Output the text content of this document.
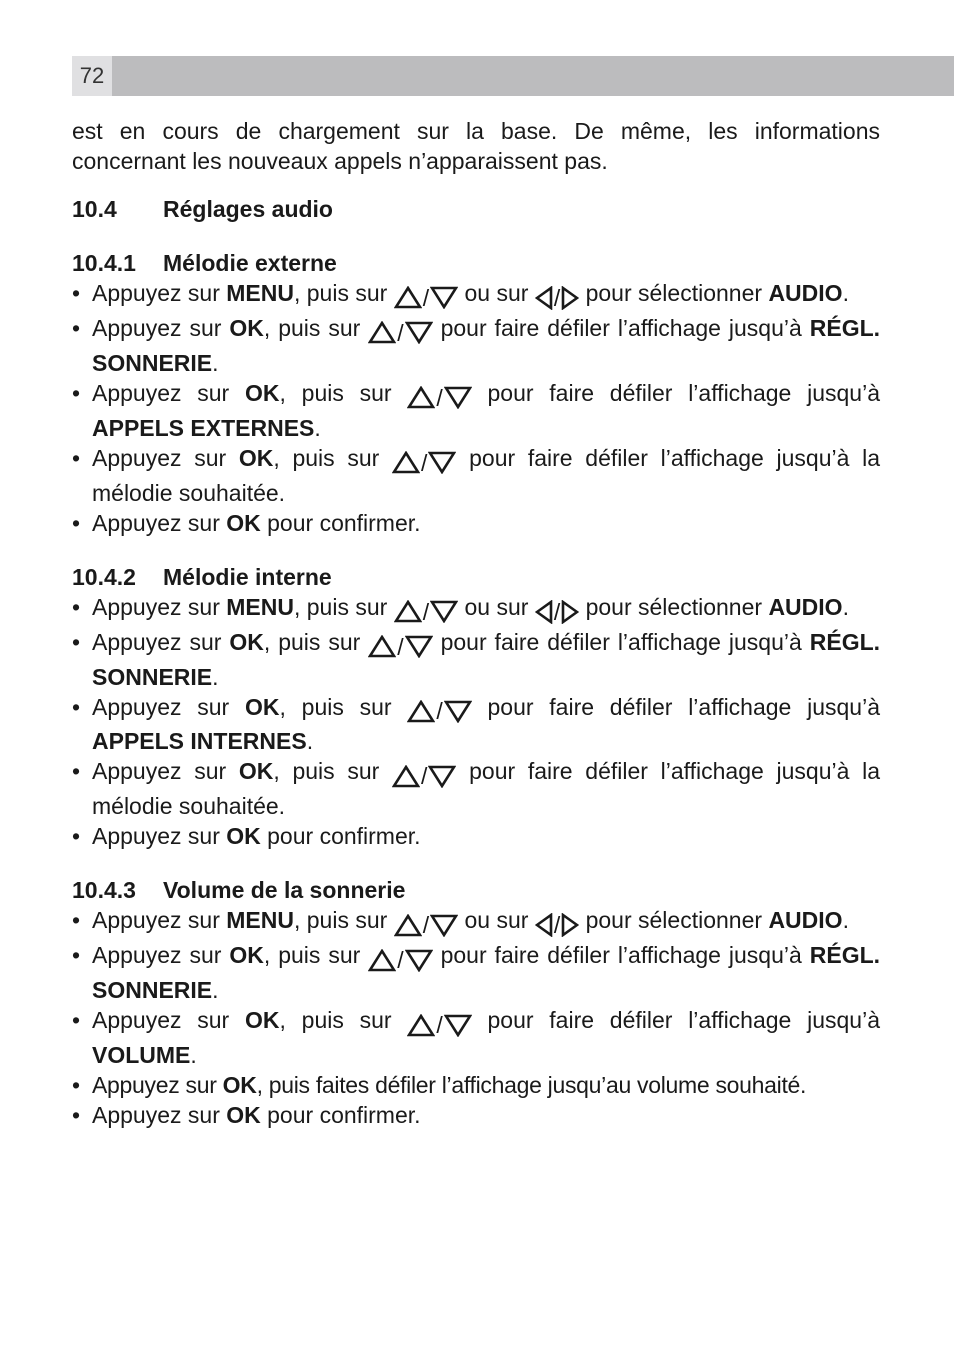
72

est en cours de chargement sur la base. De même, les informations concernant les nouveaux appels n’apparaissent pas.

10.4 Réglages audio
10.4.1 Mélodie externe
• Appuyez sur MENU, puis sur / ou sur / pour sélectionner AUDIO.
• Appuyez sur OK, puis sur / pour faire défiler l’affichage jusqu’à RÉGL. SONNERIE.
• Appuyez sur OK, puis sur / pour faire défiler l’affichage jusqu’à APPELS EXTERNES.
• Appuyez sur OK, puis sur / pour faire défiler l’affichage jusqu’à la mélodie souhaitée.
• Appuyez sur OK pour confirmer.
10.4.2 Mélodie interne
• Appuyez sur MENU, puis sur / ou sur / pour sélectionner AUDIO.
• Appuyez sur OK, puis sur / pour faire défiler l’affichage jusqu’à RÉGL. SONNERIE.
• Appuyez sur OK, puis sur / pour faire défiler l’affichage jusqu’à APPELS INTERNES.
• Appuyez sur OK, puis sur / pour faire défiler l’affichage jusqu’à la mélodie souhaitée.
• Appuyez sur OK pour confirmer.
10.4.3 Volume de la sonnerie
• Appuyez sur MENU, puis sur / ou sur / pour sélectionner AUDIO.
• Appuyez sur OK, puis sur / pour faire défiler l’affichage jusqu’à RÉGL. SONNERIE.
• Appuyez sur OK, puis sur / pour faire défiler l’affichage jusqu’à VOLUME.
• Appuyez sur OK, puis faites défiler l’affichage jusqu’au volume souhaité.
• Appuyez sur OK pour confirmer.
